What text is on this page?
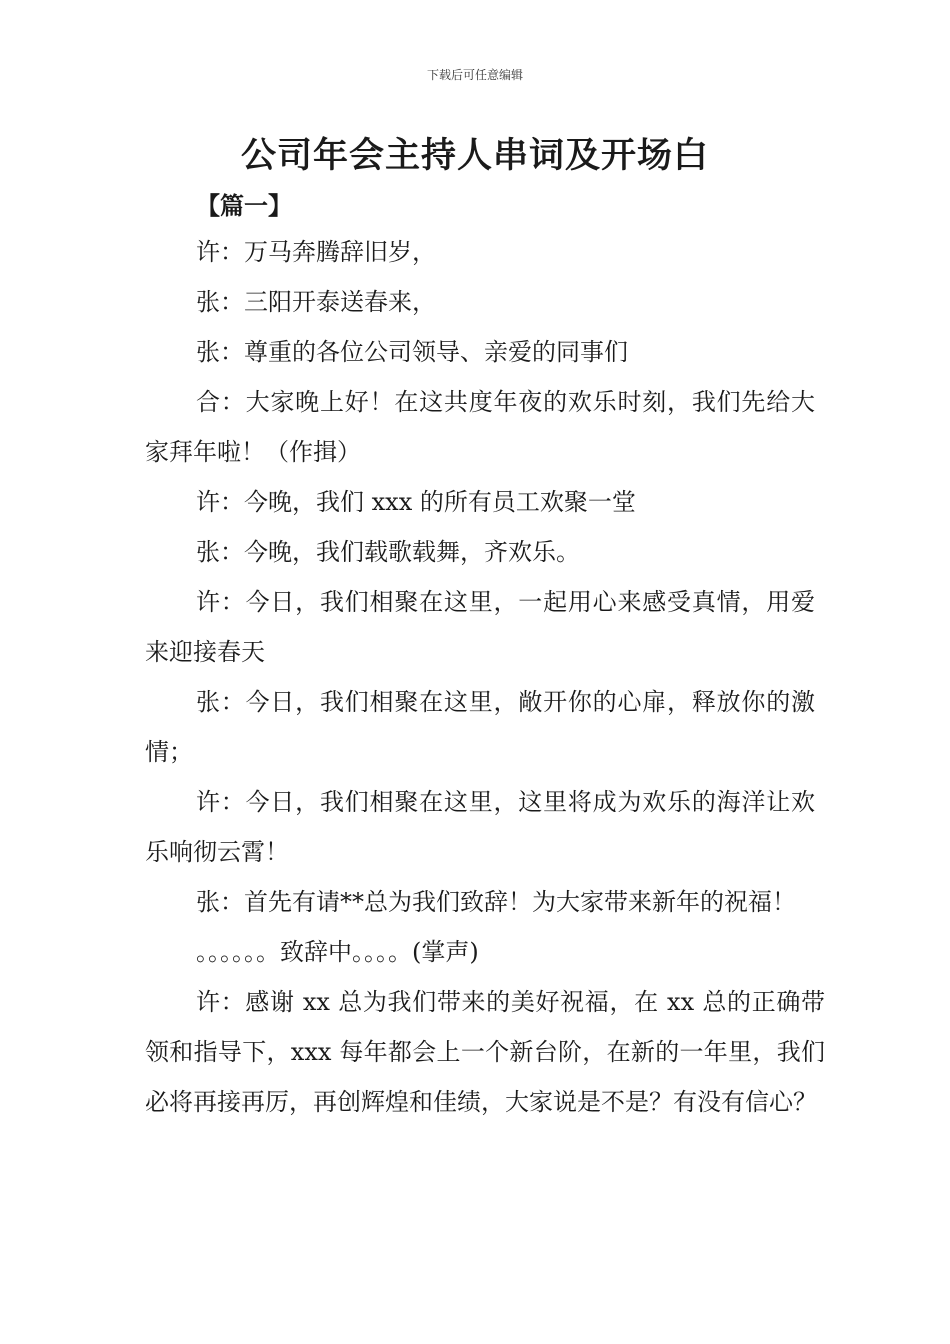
下载后可任意编辑
公司年会主持人串词及开场白
【篇一】

许：万马奔腾辞旧岁，

张：三阳开泰送春来，

张：尊重的各位公司领导、亲爱的同事们

合：大家晚上好！在这共度年夜的欢乐时刻，我们先给大家拜年啦！（作揖）

许：今晚，我们 xxx 的所有员工欢聚一堂

张：今晚，我们载歌载舞，齐欢乐。

许：今日，我们相聚在这里，一起用心来感受真情，用爱来迎接春天

张：今日，我们相聚在这里，敞开你的心扉，释放你的激情；

许：今日，我们相聚在这里，这里将成为欢乐的海洋让欢乐响彻云霄！

张：首先有请**总为我们致辞！为大家带来新年的祝福！

。。。。。。致辞中。。。。(掌声)

许：感谢 xx 总为我们带来的美好祝福，在 xx 总的正确带领和指导下，xxx 每年都会上一个新台阶，在新的一年里，我们必将再接再厉，再创辉煌和佳绩，大家说是不是？有没有信心？
